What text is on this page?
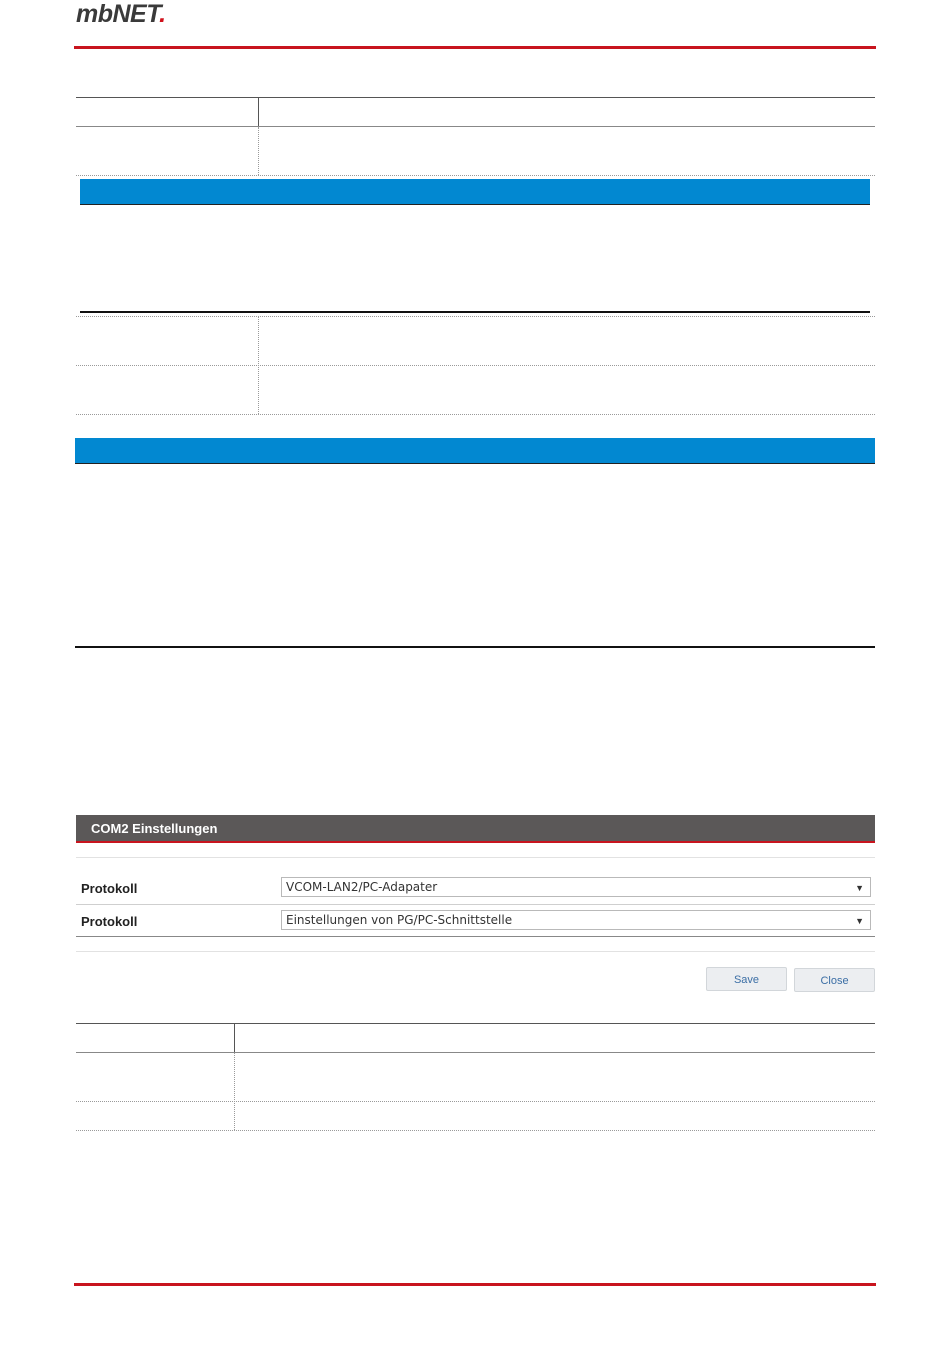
mbNET.
COM2 Einstellungen
Protokoll	VCOM-LAN2/PC-Adapater	▼
Protokoll	Einstellungen von PG/PC-Schnittstelle	▼
Save	Close
